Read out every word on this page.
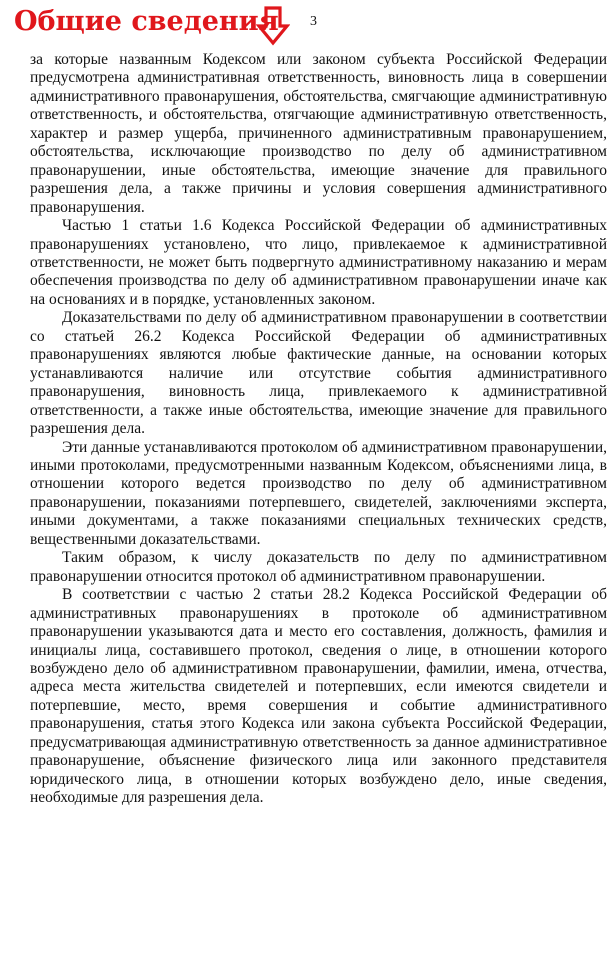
Общие сведения 3

за которые названным Кодексом или законом субъекта Российской Федерации предусмотрена административная ответственность, виновность лица в совершении административного правонарушения, обстоятельства, смягчающие административную ответственность, и обстоятельства, отягчающие административную ответственность, характер и размер ущерба, причиненного административным правонарушением, обстоятельства, исключающие производство по делу об административном правонарушении, иные обстоятельства, имеющие значение для правильного разрешения дела, а также причины и условия совершения административного правонарушения.

Частью 1 статьи 1.6 Кодекса Российской Федерации об административных правонарушениях установлено, что лицо, привлекаемое к административной ответственности, не может быть подвергнуто административному наказанию и мерам обеспечения производства по делу об административном правонарушении иначе как на основаниях и в порядке, установленных законом.

Доказательствами по делу об административном правонарушении в соответствии со статьей 26.2 Кодекса Российской Федерации об административных правонарушениях являются любые фактические данные, на основании которых устанавливаются наличие или отсутствие события административного правонарушения, виновность лица, привлекаемого к административной ответственности, а также иные обстоятельства, имеющие значение для правильного разрешения дела.

Эти данные устанавливаются протоколом об административном правонарушении, иными протоколами, предусмотренными названным Кодексом, объяснениями лица, в отношении которого ведется производство по делу об административном правонарушении, показаниями потерпевшего, свидетелей, заключениями эксперта, иными документами, а также показаниями специальных технических средств, вещественными доказательствами.

Таким образом, к числу доказательств по делу по административном правонарушении относится протокол об административном правонарушении.

В соответствии с частью 2 статьи 28.2 Кодекса Российской Федерации об административных правонарушениях в протоколе об административном правонарушении указываются дата и место его составления, должность, фамилия и инициалы лица, составившего протокол, сведения о лице, в отношении которого возбуждено дело об административном правонарушении, фамилии, имена, отчества, адреса места жительства свидетелей и потерпевших, если имеются свидетели и потерпевшие, место, время совершения и событие административного правонарушения, статья этого Кодекса или закона субъекта Российской Федерации, предусматривающая административную ответственность за данное административное правонарушение, объяснение физического лица или законного представителя юридического лица, в отношении которых возбуждено дело, иные сведения, необходимые для разрешения дела.
